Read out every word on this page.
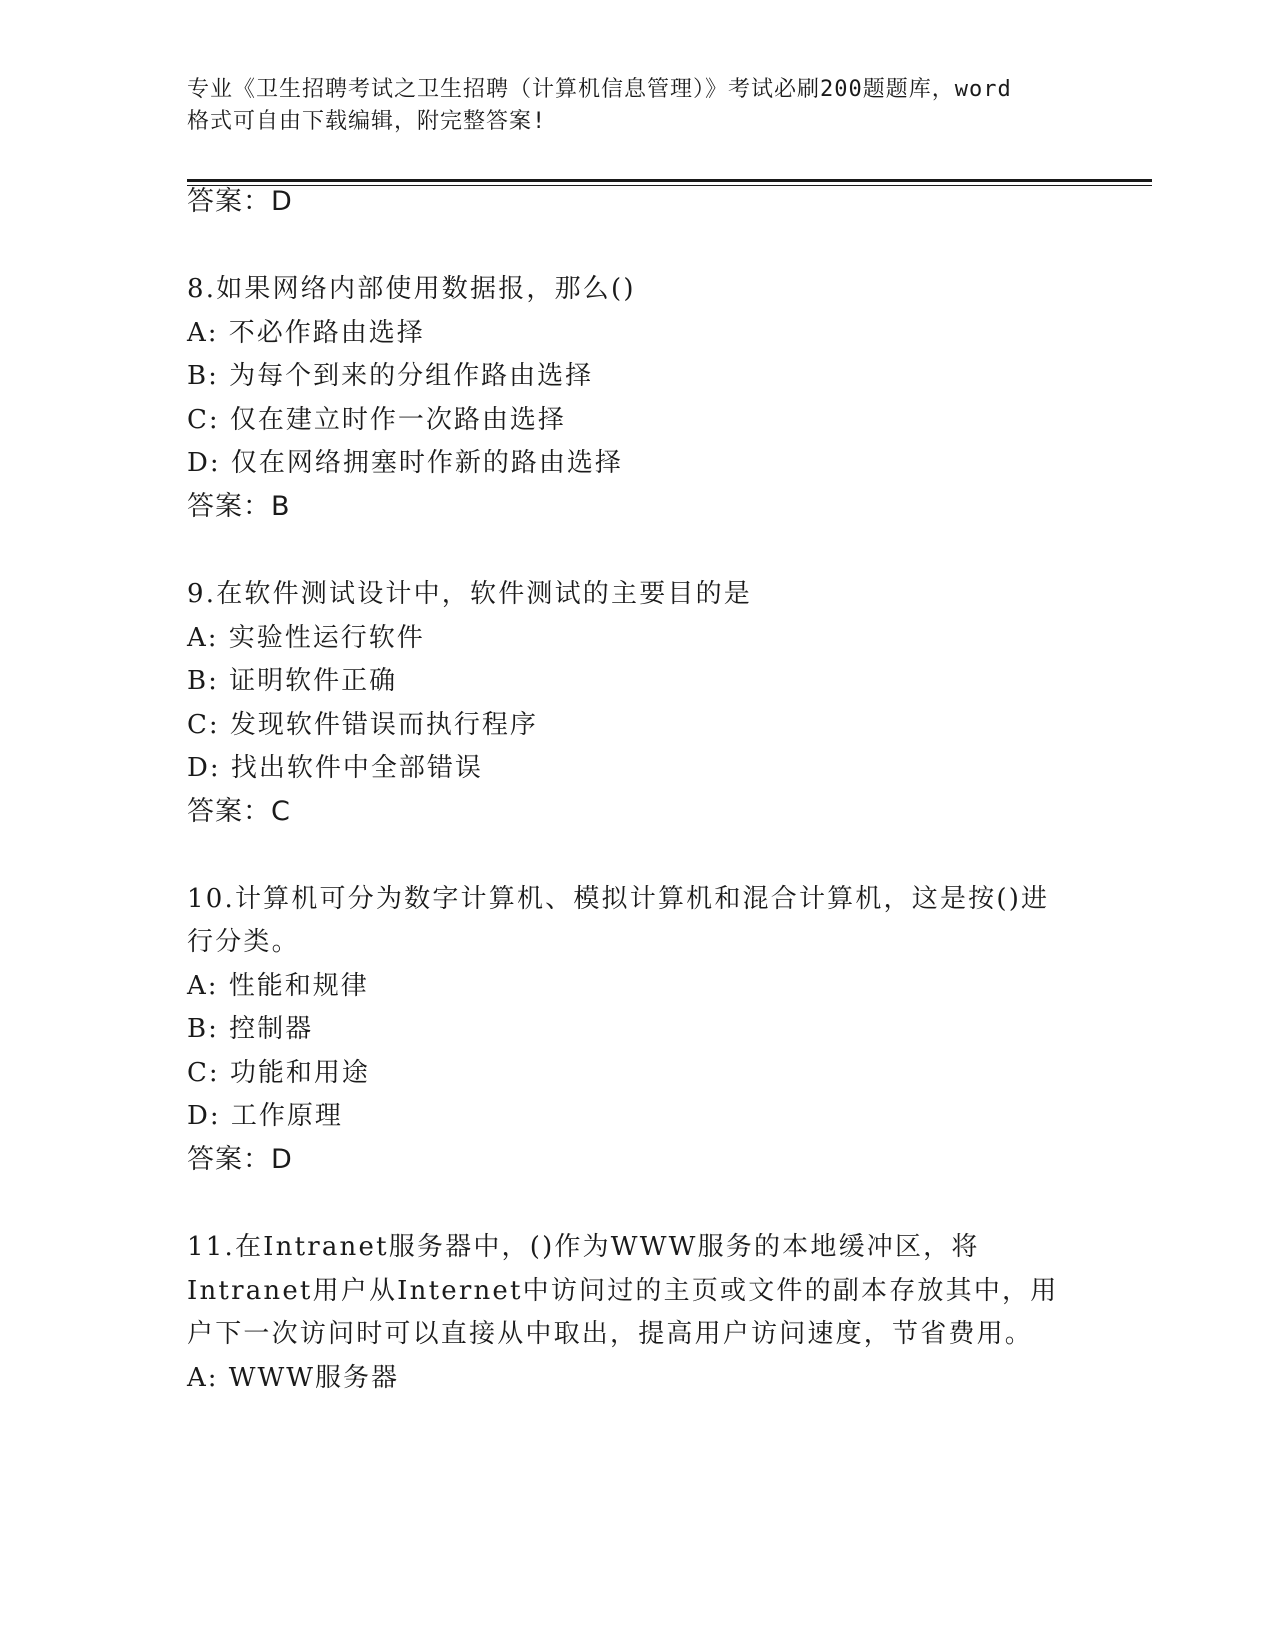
专业《卫生招聘考试之卫生招聘（计算机信息管理）》考试必刷200题题库，word
格式可自由下载编辑，附完整答案!
答案：D
8.如果网络内部使用数据报，那么()
A: 不必作路由选择
B: 为每个到来的分组作路由选择
C: 仅在建立时作一次路由选择
D: 仅在网络拥塞时作新的路由选择
答案：B
9.在软件测试设计中，软件测试的主要目的是
A: 实验性运行软件
B: 证明软件正确
C: 发现软件错误而执行程序
D: 找出软件中全部错误
答案：C
10.计算机可分为数字计算机、模拟计算机和混合计算机，这是按()进
行分类。
A: 性能和规律
B: 控制器
C: 功能和用途
D: 工作原理
答案：D
11.在Intranet服务器中，()作为WWW服务的本地缓冲区，将
Intranet用户从Internet中访问过的主页或文件的副本存放其中，用
户下一次访问时可以直接从中取出，提高用户访问速度，节省费用。
A: WWW服务器
